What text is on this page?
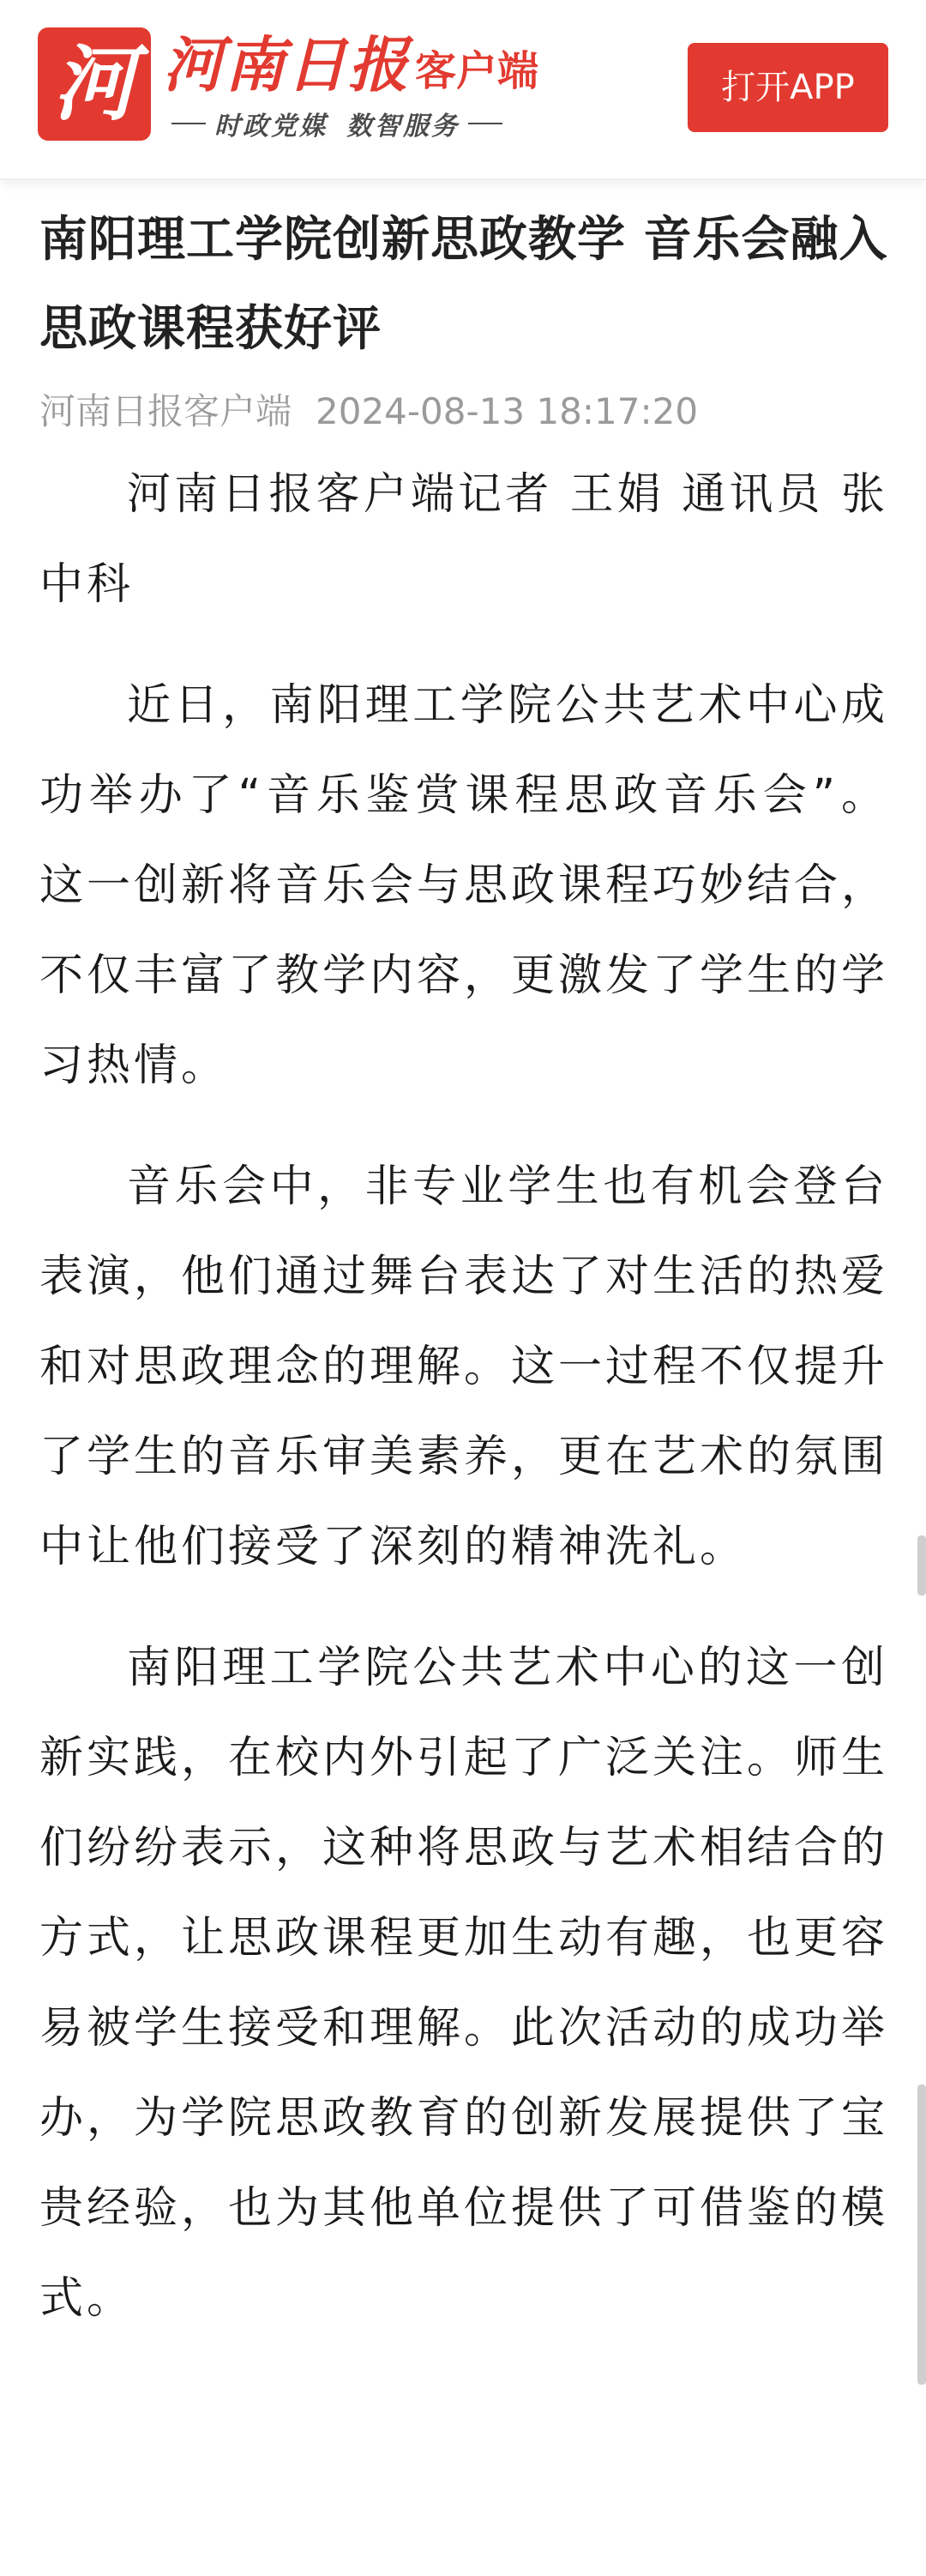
河 河南日报 客户端
时政党媒 数智服务
打开APP
南阳理工学院创新思政教学 音乐会融入思政课程获好评
河南日报客户端 2024-08-13 18:17:20

河南日报客户端记者 王娟 通讯员 张中科

近日，南阳理工学院公共艺术中心成功举办了“音乐鉴赏课程思政音乐会”。这一创新将音乐会与思政课程巧妙结合，不仅丰富了教学内容，更激发了学生的学习热情。

音乐会中，非专业学生也有机会登台表演，他们通过舞台表达了对生活的热爱和对思政理念的理解。这一过程不仅提升了学生的音乐审美素养，更在艺术的氛围中让他们接受了深刻的精神洗礼。

南阳理工学院公共艺术中心的这一创新实践，在校内外引起了广泛关注。师生们纷纷表示，这种将思政与艺术相结合的方式，让思政课程更加生动有趣，也更容易被学生接受和理解。此次活动的成功举办，为学院思政教育的创新发展提供了宝贵经验，也为其他单位提供了可借鉴的模式。
